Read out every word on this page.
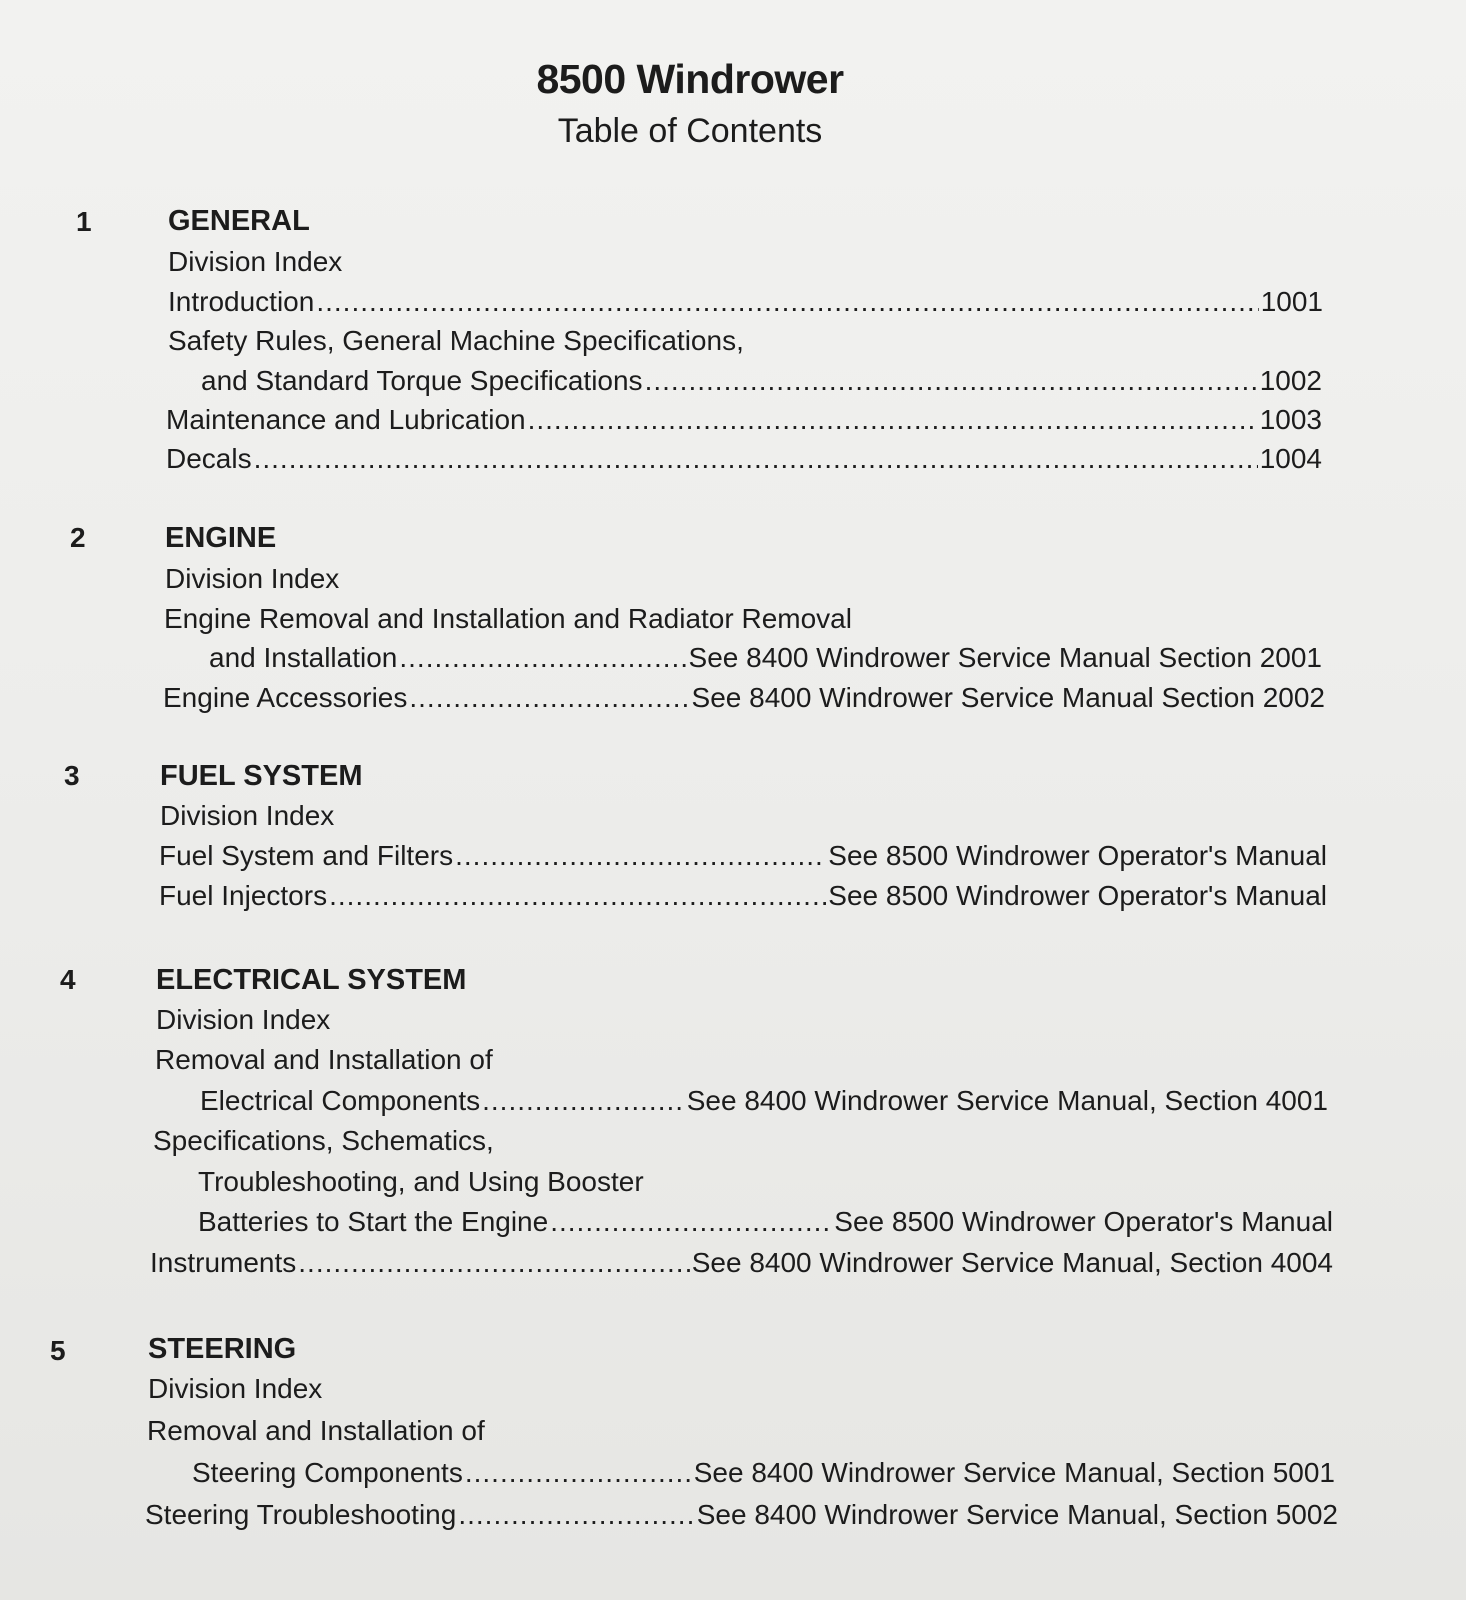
8500 Windrower
Table of Contents
1	GENERAL
Division Index
Introduction .....	1001
Safety Rules, General Machine Specifications,
and Standard Torque Specifications .....	1002
Maintenance and Lubrication .....	1003
Decals .....	1004
2	ENGINE
Division Index
Engine Removal and Installation and Radiator Removal
and Installation .....	See 8400 Windrower Service Manual Section 2001
Engine Accessories .....	See 8400 Windrower Service Manual Section 2002
3	FUEL SYSTEM
Division Index
Fuel System and Filters .....	See 8500 Windrower Operator's Manual
Fuel Injectors .....	See 8500 Windrower Operator's Manual
4	ELECTRICAL SYSTEM
Division Index
Removal and Installation of
Electrical Components .....	See 8400 Windrower Service Manual, Section 4001
Specifications, Schematics,
Troubleshooting, and Using Booster
Batteries to Start the Engine .....	See 8500 Windrower Operator's Manual
Instruments .....	See 8400 Windrower Service Manual, Section 4004
5	STEERING
Division Index
Removal and Installation of
Steering Components .....	See 8400 Windrower Service Manual, Section 5001
Steering Troubleshooting .....	See 8400 Windrower Service Manual, Section 5002
